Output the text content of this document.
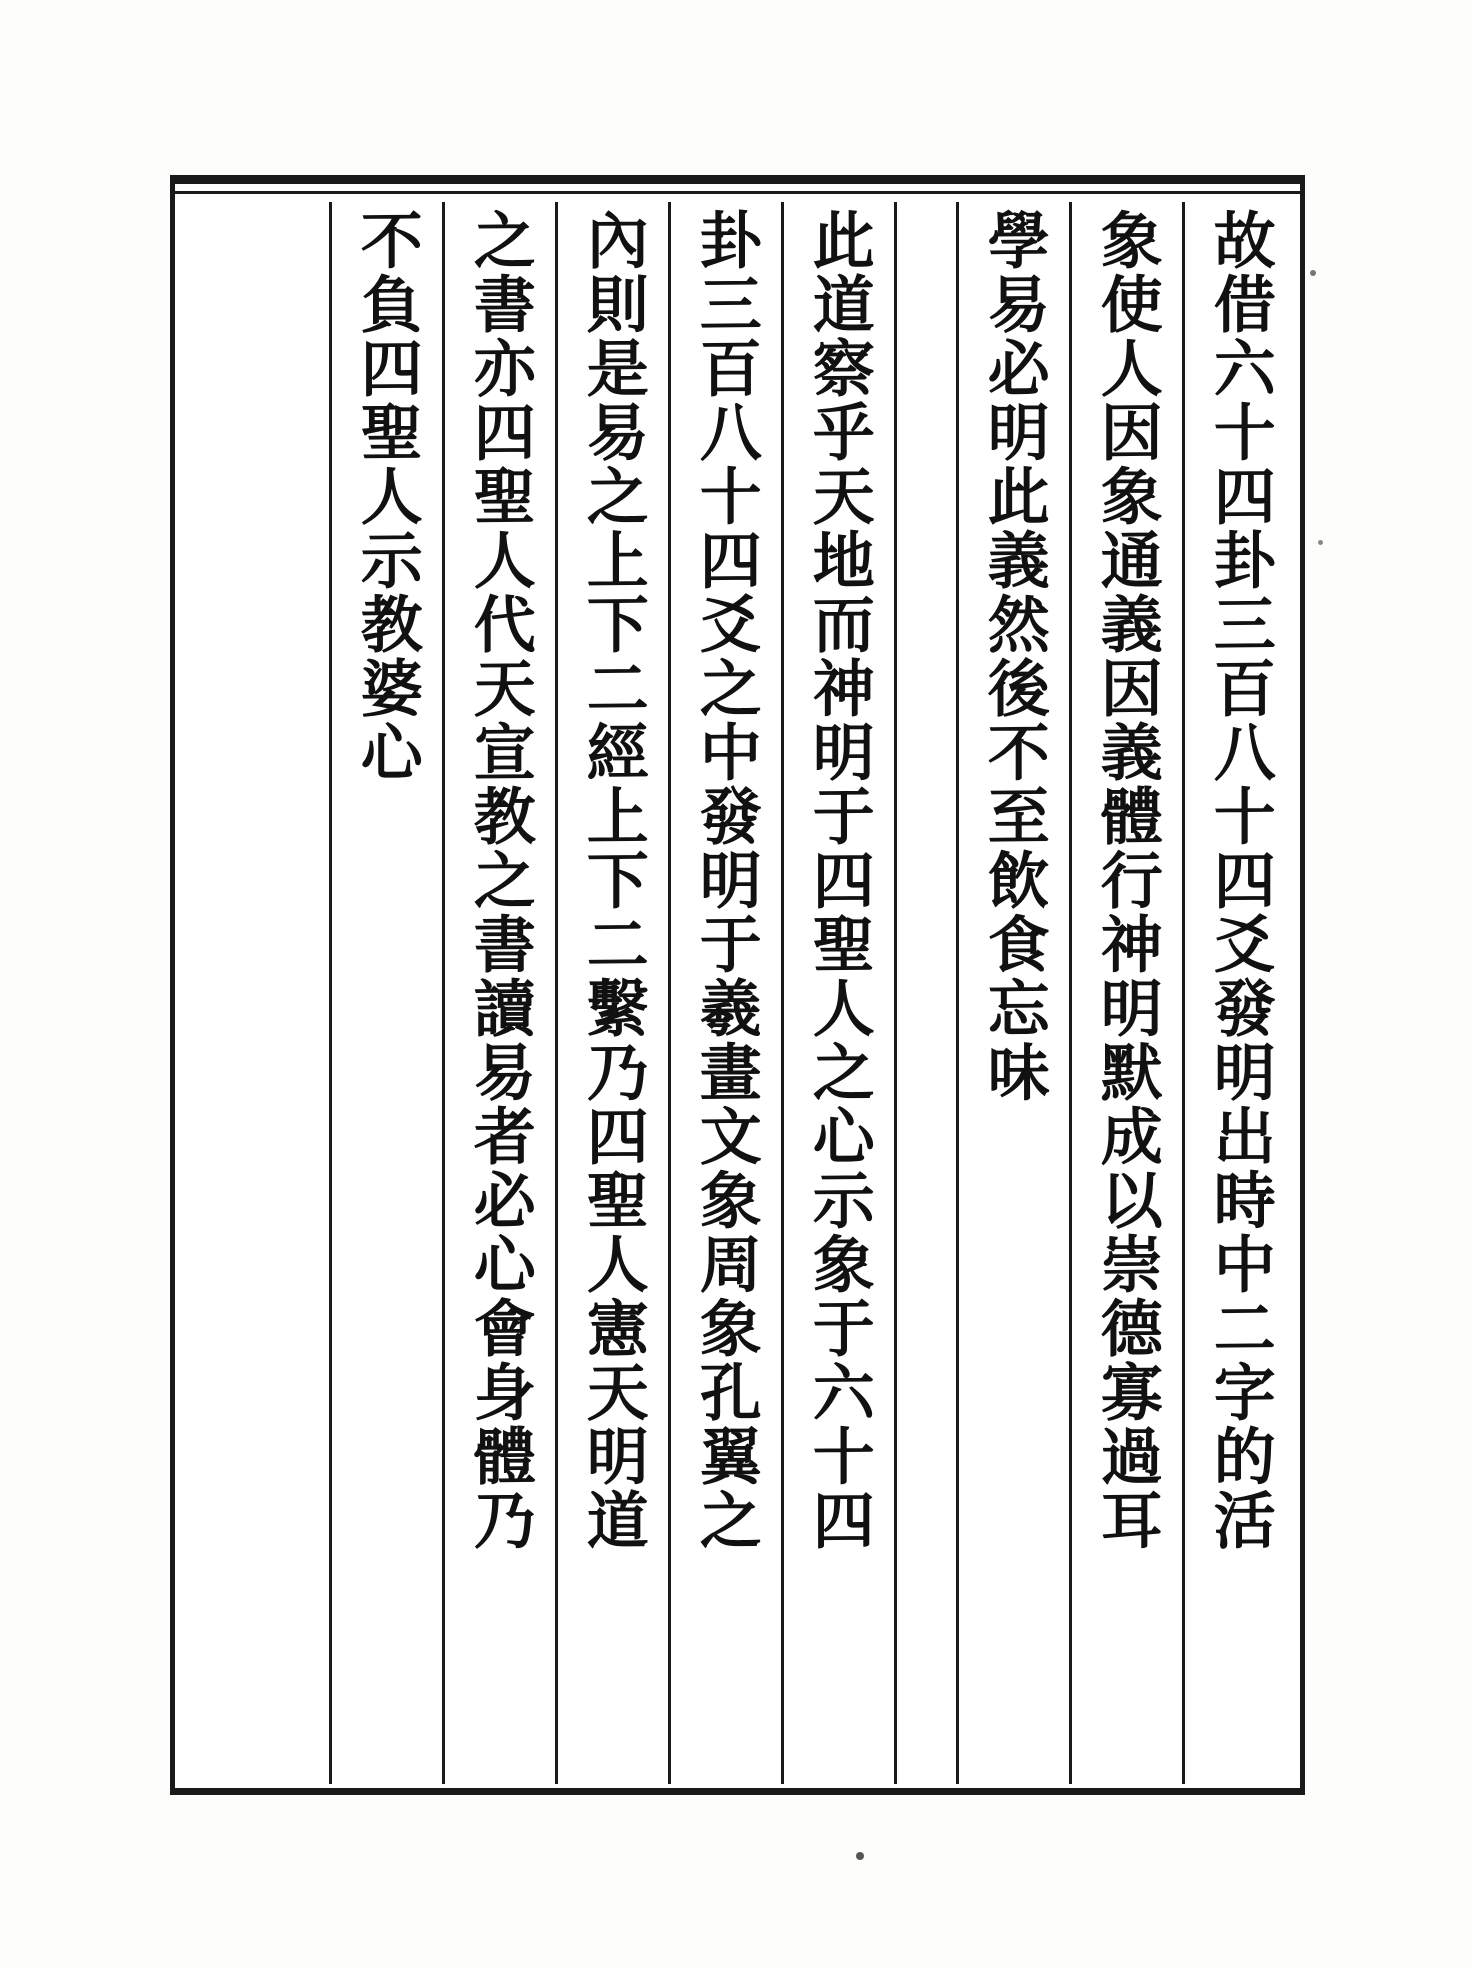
故借六十四卦三百八十四爻發明出時中二字的活
象使人因象通義因義體行神明默成以崇德寡過耳
學易必明此義然後不至飲食忘味
此道察乎天地而神明于四聖人之心示象于六十四
卦三百八十四爻之中發明于羲畫文象周象孔翼之
內則是易之上下二經上下二繫乃四聖人憲天明道
之書亦四聖人代天宣教之書讀易者必心會身體乃
不負四聖人示教婆心
